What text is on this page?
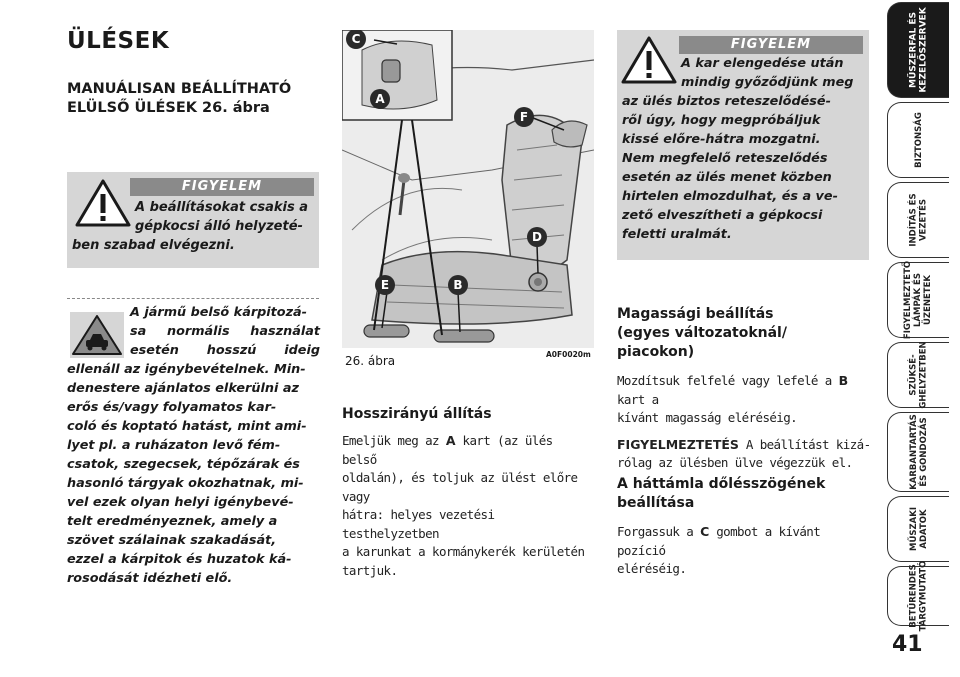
ÜLÉSEK
MANUÁLISAN BEÁLLÍTHATÓ ELÜLSŐ ÜLÉSEK 26. ábra
FIGYELEM
A beállításokat csakis a
gépkocsi álló helyzeté-
ben szabad elvégezni.
A jármű belső kárpitozá-
sa normális használat
esetén hosszú ideig
ellenáll az igénybevételnek. Min-
denestere ajánlatos elkerülni az
erős és/vagy folyamatos kar-
coló és koptató hatást, mint ami-
lyet pl. a ruházaton levő fém-
csatok, szegecsek, tépőzárak és
hasonló tárgyak okozhatnak, mi-
vel ezek olyan helyi igénybevé-
telt eredményeznek, amely a
szövet szálainak szakadását,
ezzel a kárpitok és huzatok ká-
rosodását idézheti elő.
C
A
F
D
E	B
26. ábra	A0F0020m
Hosszirányú állítás
Emeljük meg az A kart (az ülés belső
oldalán), és toljuk az ülést előre vagy
hátra: helyes vezetési testhelyzetben
a karunkat a kormánykerék kerületén
tartjuk.
FIGYELEM
A kar elengedése után
mindig győződjünk meg
az ülés biztos reteszelődésé-
ről úgy, hogy megpróbáljuk
kissé előre-hátra mozgatni.
Nem megfelelő reteszelődés
esetén az ülés menet közben
hirtelen elmozdulhat, és a ve-
zető elveszítheti a gépkocsi
feletti uralmát.
Magassági beállítás
(egyes változatoknál/
piacokon)
Mozdítsuk felfelé vagy lefelé a B kart a
kívánt magasság eléréséig.
FIGYELMEZTETÉS A beállítást kizá-
rólag az ülésben ülve végezzük el.
A háttámla dőlésszögének
beállítása
Forgassuk a C gombot a kívánt pozíció
eléréséig.
MŰSZERFAL ÉS
KEZELŐSZERVEK
BIZTONSÁG
INDÍTÁS ÉS
VEZETÉS
FIGYELMEZTETŐ
LÁMPÁK ÉS
ÜZENETEK
SZÜKSÉ-
GHELYZETBEN
KARBANTARTÁS
ÉS GONDOZÁS
MŰSZAKI
ADATOK
BETŰRENDES
TÁRGYMUTATÓ
41
